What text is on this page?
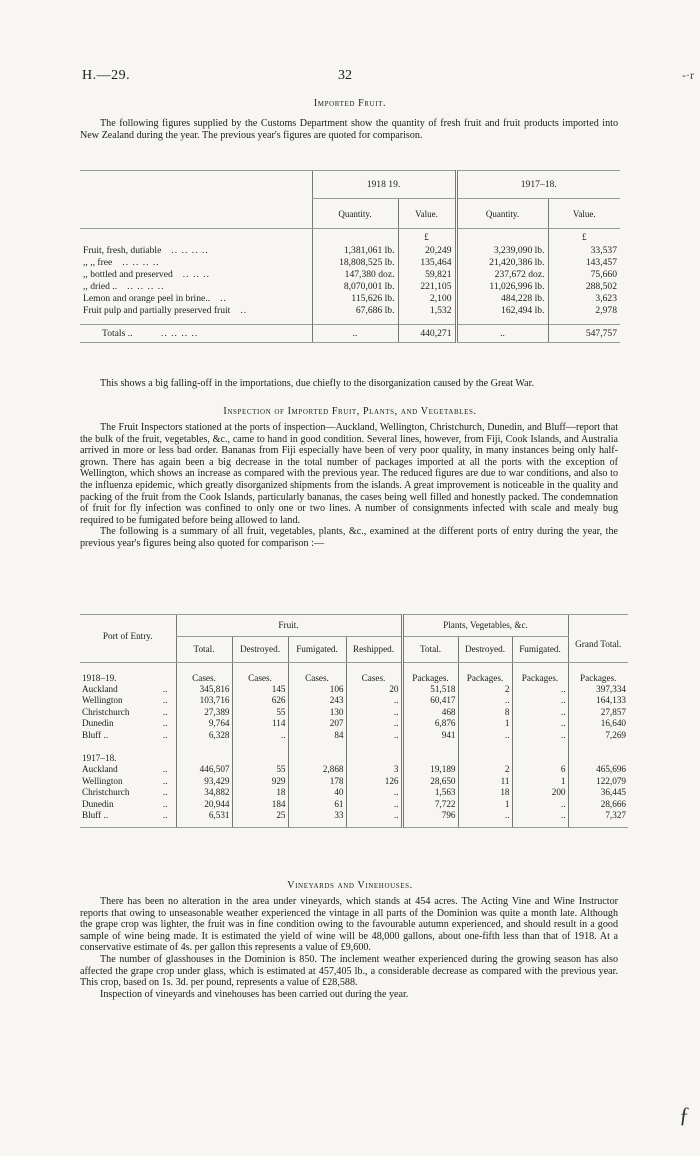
H.—29.	32	-·r
Imported Fruit.

The following figures supplied by the Customs Department show the quantity of fresh fruit and fruit products imported into New Zealand during the year. The previous year's figures are quoted for comparison.

	1918 19.		1917–18.	
	Quantity.	Value.	Quantity.	Value.
		£		£
Fruit, fresh, dutiable .. .. .. ..	1,381,061 lb.	20,249	3,239,090 lb.	33,537
,, ,, free .. .. .. ..	18,808,525 lb.	135,464	21,420,386 lb.	143,457
,, bottled and preserved .. .. ..	147,380 doz.	59,821	237,672 doz.	75,660
,, dried .. .. .. .. ..	8,070,001 lb.	221,105	11,026,996 lb.	288,502
Lemon and orange peel in brine.. ..	115,626 lb.	2,100	484,228 lb.	3,623
Fruit pulp and partially preserved fruit ..	67,686 lb.	1,532	162,494 lb.	2,978

Totals .. .. .. .. ..	..	440,271	..	547,757

This shows a big falling-off in the importations, due chiefly to the disorganization caused by the Great War.

Inspection of Imported Fruit, Plants, and Vegetables.

The Fruit Inspectors stationed at the ports of inspection—Auckland, Wellington, Christchurch, Dunedin, and Bluff—report that the bulk of the fruit, vegetables, &c., came to hand in good condition. Several lines, however, from Fiji, Cook Islands, and Australia arrived in more or less bad order. Bananas from Fiji especially have been of very poor quality, in many instances being only half-grown. There has again been a big decrease in the total number of packages imported at all the ports with the exception of Wellington, which shows an increase as compared with the previous year. The reduced figures are due to war conditions, and also to the influenza epidemic, which greatly disorganized shipments from the islands. A great improvement is noticeable in the quality and packing of the fruit from the Cook Islands, particularly bananas, the cases being well filled and honestly packed. The condemnation of fruit for fly infection was confined to only one or two lines. A number of consignments infected with scale and mealy bug required to be fumigated before being allowed to land.

The following is a summary of all fruit, vegetables, plants, &c., examined at the different ports of entry during the year, the previous year's figures being also quoted for comparison :—

Port of Entry.	Fruit.				Plants, Vegetables, &c.			Grand Total.
	Total.	Destroyed.	Fumigated.	Reshipped.	Total.	Destroyed.	Fumigated.	

1918–19.	Cases.	Cases.	Cases.	Cases.	Packages.	Packages.	Packages.	Packages.
Auckland ..	345,816	145	106	20	51,518	2	..	397,334
Wellington ..	103,716	626	243	..	60,417	..	..	164,133
Christchurch ..	27,389	55	130	..	468	8	..	27,857
Dunedin ..	9,764	114	207	..	6,876	1	..	16,640
Bluff .. ..	6,328	..	84	..	941	..	..	7,269

1917–18.								
Auckland ..	446,507	55	2,868	3	19,189	2	6	465,696
Wellington ..	93,429	929	178	126	28,650	11	1	122,079
Christchurch ..	34,882	18	40	..	1,563	18	200	36,445
Dunedin ..	20,944	184	61	..	7,722	1	..	28,666
Bluff .. ..	6,531	25	33	..	796	..	..	7,327

Vineyards and Vinehouses.

There has been no alteration in the area under vineyards, which stands at 454 acres. The Acting Vine and Wine Instructor reports that owing to unseasonable weather experienced the vintage in all parts of the Dominion was quite a month late. Although the grape crop was lighter, the fruit was in fine condition owing to the favourable autumn experienced, and should result in a good sample of wine being made. It is estimated the yield of wine will be 48,000 gallons, about one-fifth less than that of 1918. At a conservative estimate of 4s. per gallon this represents a value of £9,600.

The number of glasshouses in the Dominion is 850. The inclement weather experienced during the growing season has also affected the grape crop under glass, which is estimated at 457,405 lb., a considerable decrease as compared with the previous year. This crop, based on 1s. 3d. per pound, represents a value of £28,588.

Inspection of vineyards and vinehouses has been carried out during the year.

ƒ
